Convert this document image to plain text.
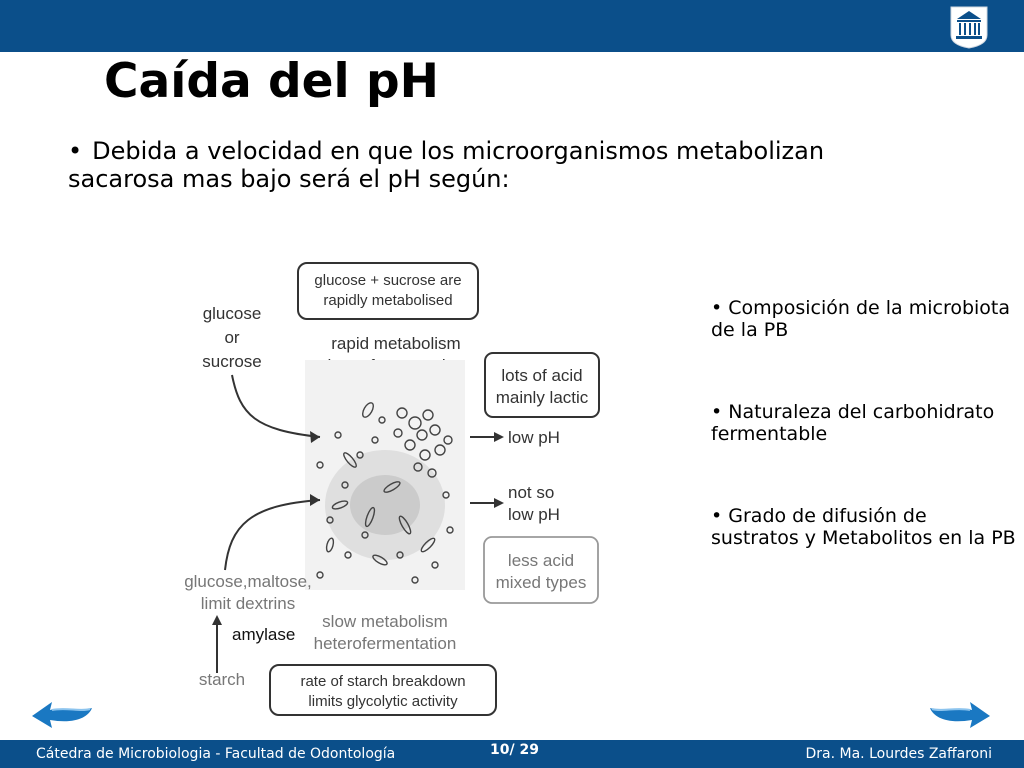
Caída del pH
• Debida a velocidad en que los microorganismos metabolizan sacarosa mas bajo será el pH según:
glucose + sucrose are
rapidly metabolised
glucose
or
sucrose
rapid metabolism
lots of acid
mainly lactic
low pH
not so
low pH
less acid
mixed types
glucose,maltose,
limit dextrins
amylase
starch
slow metabolism
heterofermentation
rate of starch breakdown
limits glycolytic activity
• Composición de la microbiota de la PB
• Naturaleza del carbohidrato fermentable
• Grado de difusión de sustratos y Metabolitos en la PB
Cátedra de Microbiologia - Facultad de Odontología	10/ 29	Dra. Ma. Lourdes Zaffaroni
